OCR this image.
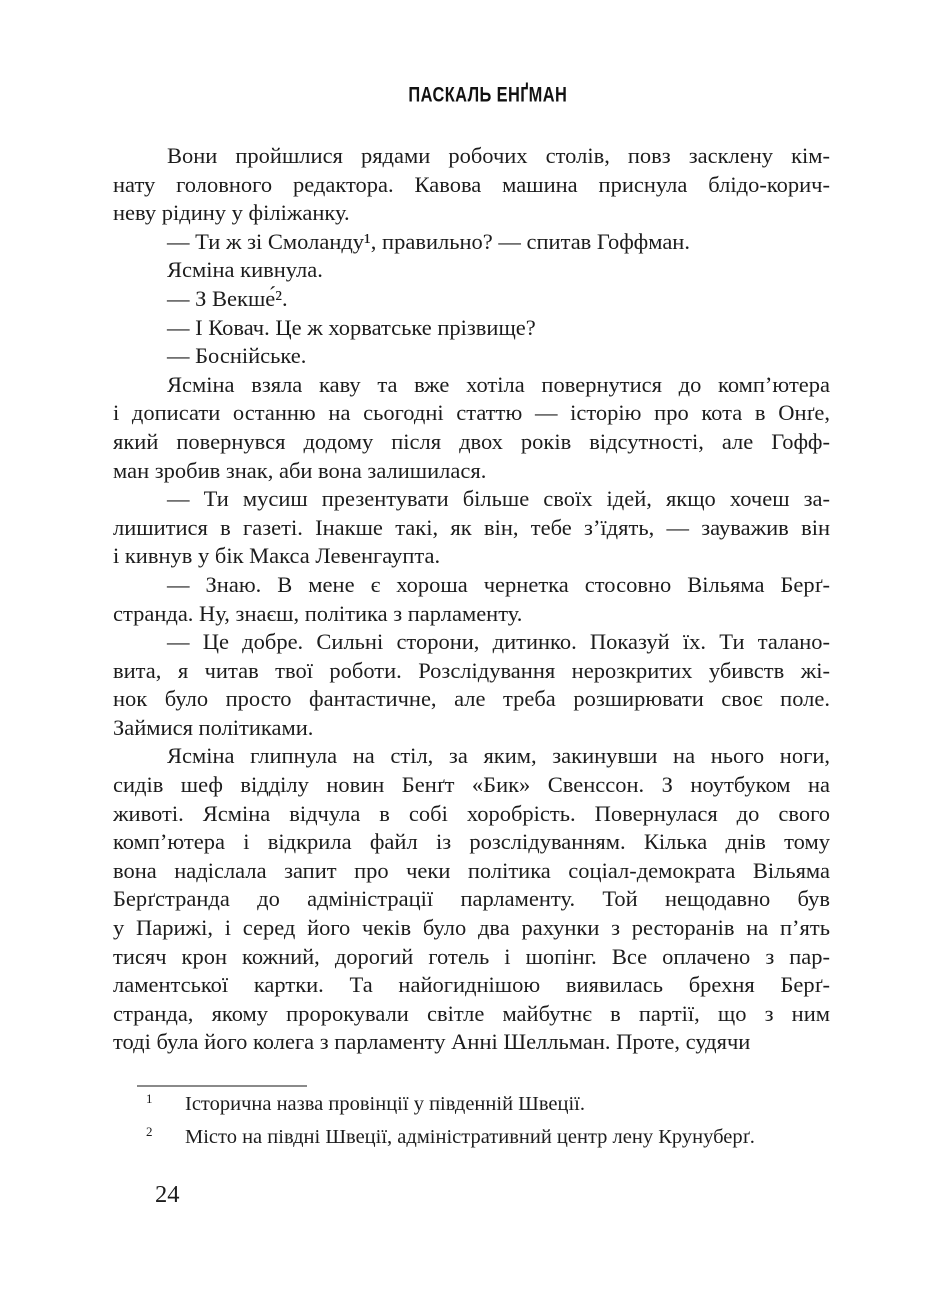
ПАСКАЛЬ ЕНҐМАН
Вони пройшлися рядами робочих столів, повз засклену кім-
нату головного редактора. Кавова машина приснула блідо-корич-
неву рідину у філіжанку.
— Ти ж зі Смоланду¹, правильно? — спитав Гоффман.
Ясміна кивнула.
— З Векше́².
— І Ковач. Це ж хорватське прізвище?
— Боснійське.
Ясміна взяла каву та вже хотіла повернутися до комп’ютера
і дописати останню на сьогодні статтю — історію про кота в Онґе,
який повернувся додому після двох років відсутності, але Гофф-
ман зробив знак, аби вона залишилася.
— Ти мусиш презентувати більше своїх ідей, якщо хочеш за-
лишитися в газеті. Інакше такі, як він, тебе з’їдять, — зауважив він
і кивнув у бік Макса Левенгаупта.
— Знаю. В мене є хороша чернетка стосовно Вільяма Берґ-
странда. Ну, знаєш, політика з парламенту.
— Це добре. Сильні сторони, дитинко. Показуй їх. Ти талано-
вита, я читав твої роботи. Розслідування нерозкритих убивств жі-
нок було просто фантастичне, але треба розширювати своє поле.
Займися політиками.
Ясміна глипнула на стіл, за яким, закинувши на нього ноги,
сидів шеф відділу новин Бенґт «Бик» Свенссон. З ноутбуком на
животі. Ясміна відчула в собі хоробрість. Повернулася до свого
комп’ютера і відкрила файл із розслідуванням. Кілька днів тому
вона надіслала запит про чеки політика соціал-демократа Вільяма
Берґстранда до адміністрації парламенту. Той нещодавно був
у Парижі, і серед його чеків було два рахунки з ресторанів на п’ять
тисяч крон кожний, дорогий готель і шопінг. Все оплачено з пар-
ламентської картки. Та найогиднішою виявилась брехня Берґ-
странда, якому пророкували світле майбутнє в партії, що з ним
тоді була його колега з парламенту Анні Шелльман. Проте, судячи
1	Історична назва провінції у південній Швеції.
2	Місто на півдні Швеції, адміністративний центр лену Крунуберґ.
24
